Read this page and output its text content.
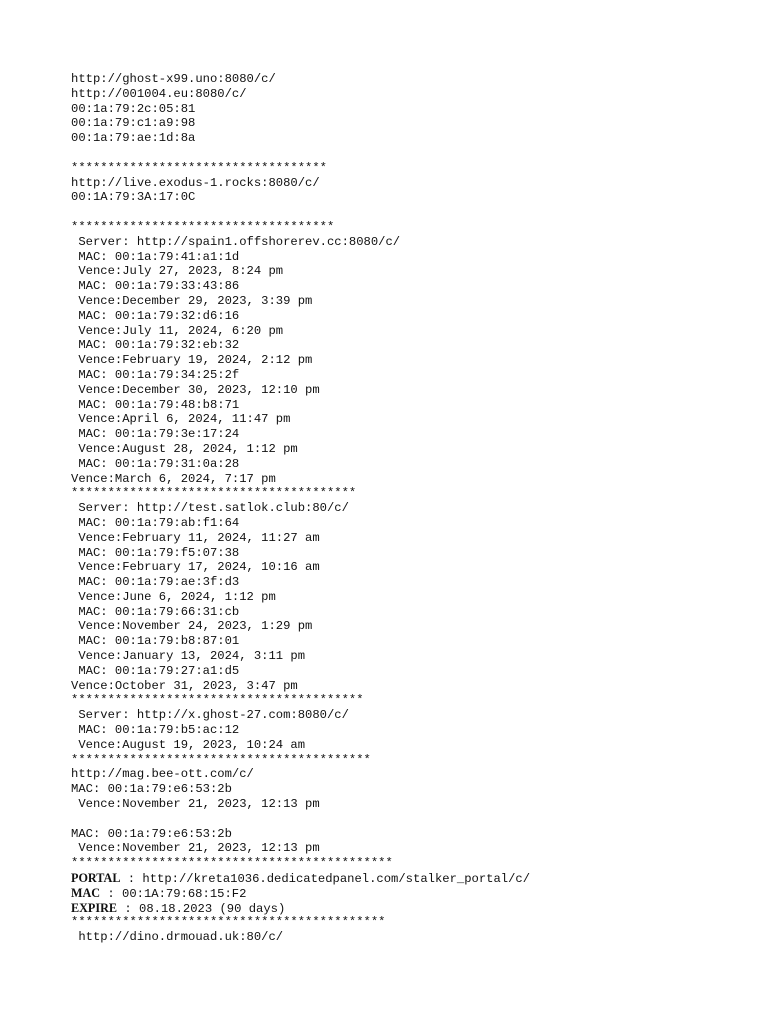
http://ghost-x99.uno:8080/c/
http://001004.eu:8080/c/
00:1a:79:2c:05:81
00:1a:79:c1:a9:98
00:1a:79:ae:1d:8a
***********************************
http://live.exodus-1.rocks:8080/c/
00:1A:79:3A:17:0C
************************************
Server: http://spain1.offshorerev.cc:8080/c/
MAC: 00:1a:79:41:a1:1d
Vence:July 27, 2023, 8:24 pm
MAC: 00:1a:79:33:43:86
Vence:December 29, 2023, 3:39 pm
MAC: 00:1a:79:32:d6:16
Vence:July 11, 2024, 6:20 pm
MAC: 00:1a:79:32:eb:32
Vence:February 19, 2024, 2:12 pm
MAC: 00:1a:79:34:25:2f
Vence:December 30, 2023, 12:10 pm
MAC: 00:1a:79:48:b8:71
Vence:April 6, 2024, 11:47 pm
MAC: 00:1a:79:3e:17:24
Vence:August 28, 2024, 1:12 pm
MAC: 00:1a:79:31:0a:28
Vence:March 6, 2024, 7:17 pm
***************************************
Server: http://test.satlok.club:80/c/
MAC: 00:1a:79:ab:f1:64
Vence:February 11, 2024, 11:27 am
MAC: 00:1a:79:f5:07:38
Vence:February 17, 2024, 10:16 am
MAC: 00:1a:79:ae:3f:d3
Vence:June 6, 2024, 1:12 pm
MAC: 00:1a:79:66:31:cb
Vence:November 24, 2023, 1:29 pm
MAC: 00:1a:79:b8:87:01
Vence:January 13, 2024, 3:11 pm
MAC: 00:1a:79:27:a1:d5
Vence:October 31, 2023, 3:47 pm
****************************************
Server: http://x.ghost-27.com:8080/c/
MAC: 00:1a:79:b5:ac:12
Vence:August 19, 2023, 10:24 am
*****************************************
http://mag.bee-ott.com/c/
MAC: 00:1a:79:e6:53:2b
Vence:November 21, 2023, 12:13 pm
MAC: 00:1a:79:e6:53:2b
Vence:November 21, 2023, 12:13 pm
********************************************
PORTAL : http://kreta1036.dedicatedpanel.com/stalker_portal/c/
MAC : 00:1A:79:68:15:F2
EXPIRE : 08.18.2023 (90 days)
*******************************************
http://dino.drmouad.uk:80/c/
